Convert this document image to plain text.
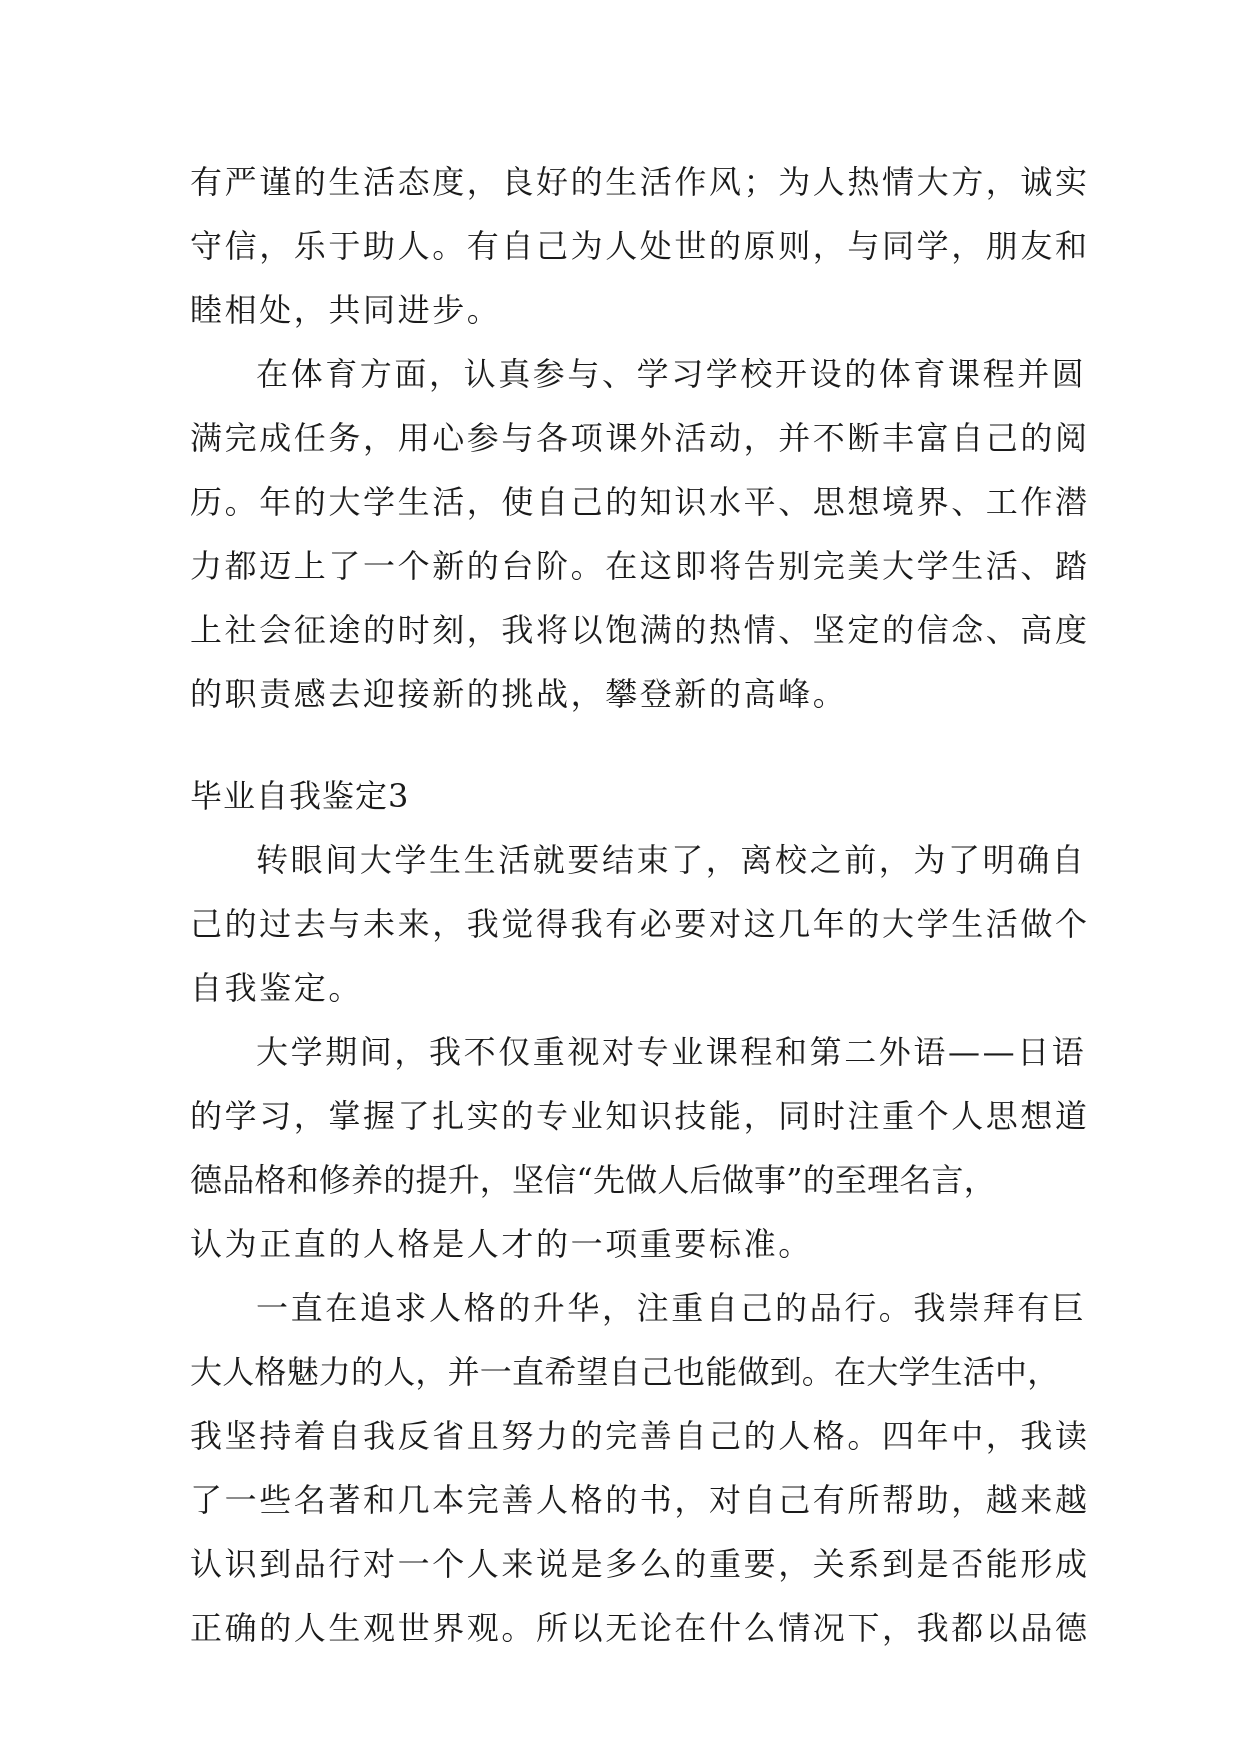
有严谨的生活态度，良好的生活作风；为人热情大方，诚实
守信，乐于助人。有自己为人处世的原则，与同学，朋友和
睦相处，共同进步。
在体育方面，认真参与、学习学校开设的体育课程并圆
满完成任务，用心参与各项课外活动，并不断丰富自己的阅
历。年的大学生活，使自己的知识水平、思想境界、工作潜
力都迈上了一个新的台阶。在这即将告别完美大学生活、踏
上社会征途的时刻，我将以饱满的热情、坚定的信念、高度
的职责感去迎接新的挑战，攀登新的高峰。
毕业自我鉴定3
转眼间大学生生活就要结束了，离校之前，为了明确自
己的过去与未来，我觉得我有必要对这几年的大学生活做个
自我鉴定。
大学期间，我不仅重视对专业课程和第二外语——日语
的学习，掌握了扎实的专业知识技能，同时注重个人思想道
德品格和修养的提升，坚信“先做人后做事”的至理名言，
认为正直的人格是人才的一项重要标准。
一直在追求人格的升华，注重自己的品行。我崇拜有巨
大人格魅力的人，并一直希望自己也能做到。在大学生活中，
我坚持着自我反省且努力的完善自己的人格。四年中，我读
了一些名著和几本完善人格的书，对自己有所帮助，越来越
认识到品行对一个人来说是多么的重要，关系到是否能形成
正确的人生观世界观。所以无论在什么情况下，我都以品德
